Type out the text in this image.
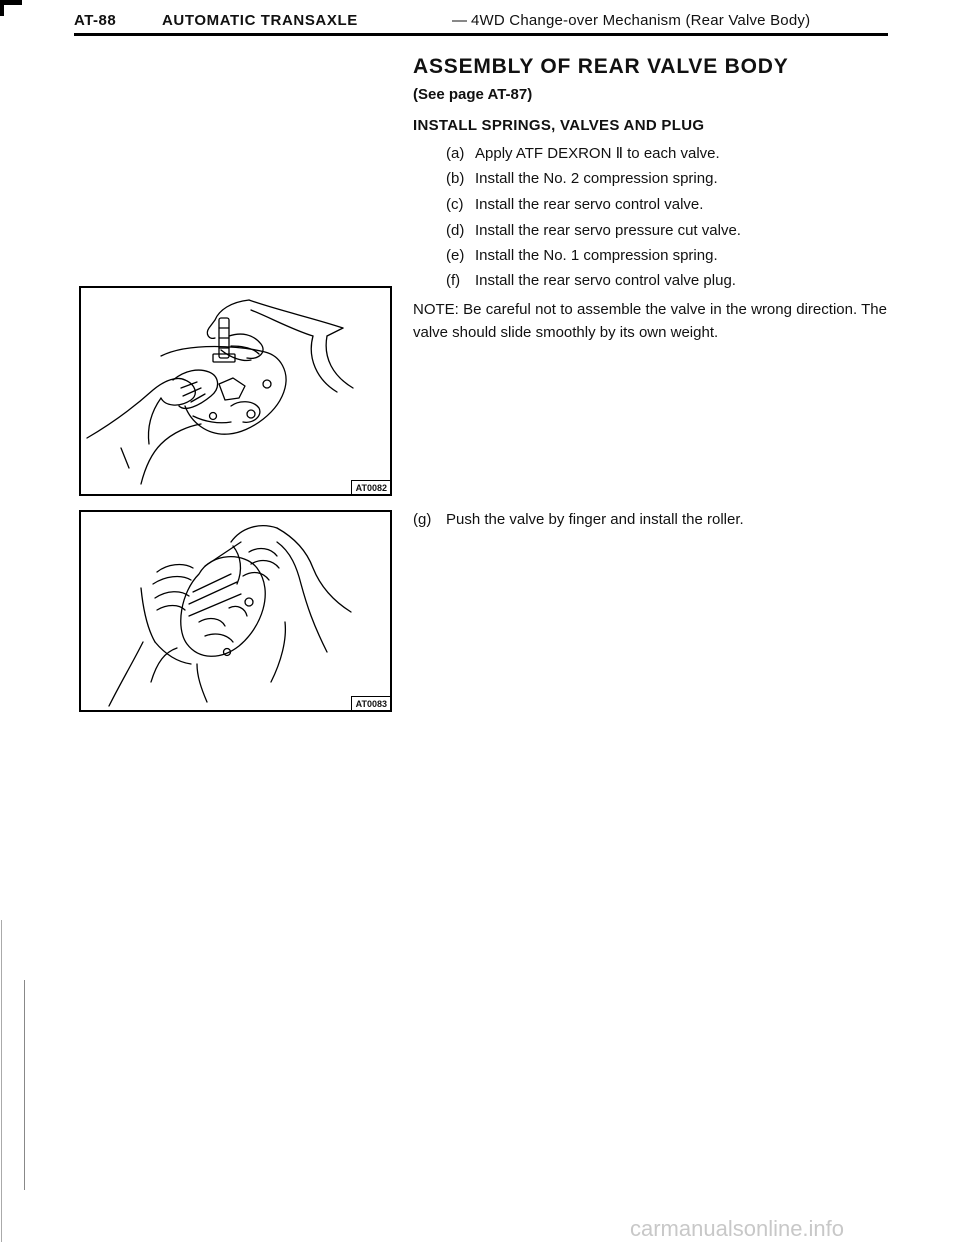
AT-88	AUTOMATIC TRANSAXLE	— 4WD Change-over Mechanism (Rear Valve Body)
ASSEMBLY OF REAR VALVE BODY
(See page AT-87)
INSTALL SPRINGS, VALVES AND PLUG
(a) Apply ATF DEXRON Ⅱ to each valve.
(b) Install the No. 2 compression spring.
(c) Install the rear servo control valve.
(d) Install the rear servo pressure cut valve.
(e) Install the No. 1 compression spring.
(f) Install the rear servo control valve plug.
NOTE: Be careful not to assemble the valve in the wrong direction. The valve should slide smoothly by its own weight.
(g) Push the valve by finger and install the roller.
AT0082
AT0083
carmanualsonline.info
